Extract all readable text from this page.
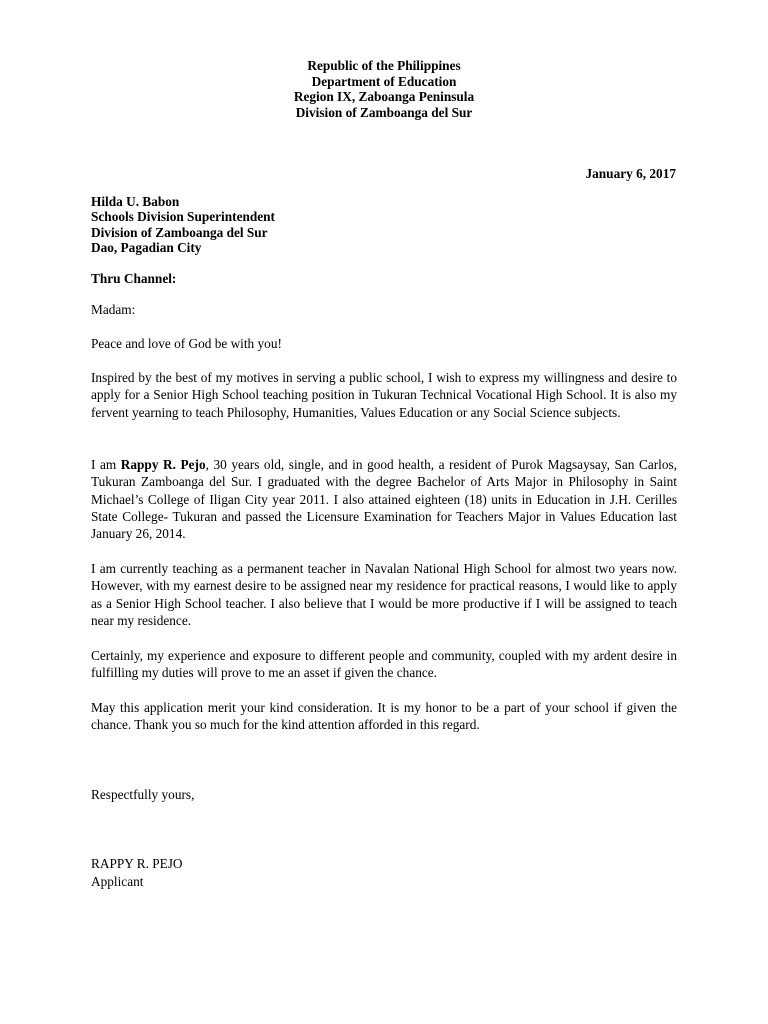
Republic of the Philippines
Department of Education
Region IX, Zaboanga Peninsula
Division of Zamboanga del Sur
January 6, 2017
Hilda U. Babon
Schools Division Superintendent
Division of Zamboanga del Sur
Dao, Pagadian City
Thru Channel:
Madam:
Peace and love of God be with you!
Inspired by the best of my motives in serving a public school, I wish to express my willingness and desire to apply for a Senior High School teaching position in Tukuran Technical Vocational High School. It is also my fervent yearning to teach Philosophy, Humanities, Values Education or any Social Science subjects.
I am Rappy R. Pejo, 30 years old, single, and in good health, a resident of Purok Magsaysay, San Carlos, Tukuran Zamboanga del Sur. I graduated with the degree Bachelor of Arts Major in Philosophy in Saint Michael’s College of Iligan City year 2011. I also attained eighteen (18) units in Education in J.H. Cerilles State College- Tukuran and passed the Licensure Examination for Teachers Major in Values Education last January 26, 2014.
I am currently teaching as a permanent teacher in Navalan National High School for almost two years now. However, with my earnest desire to be assigned near my residence for practical reasons, I would like to apply as a Senior High School teacher. I also believe that I would be more productive if I will be assigned to teach near my residence.
Certainly, my experience and exposure to different people and community, coupled with my ardent desire in fulfilling my duties will prove to me an asset if given the chance.
May this application merit your kind consideration. It is my honor to be a part of your school if given the chance. Thank you so much for the kind attention afforded in this regard.
Respectfully yours,
RAPPY R. PEJO
Applicant
